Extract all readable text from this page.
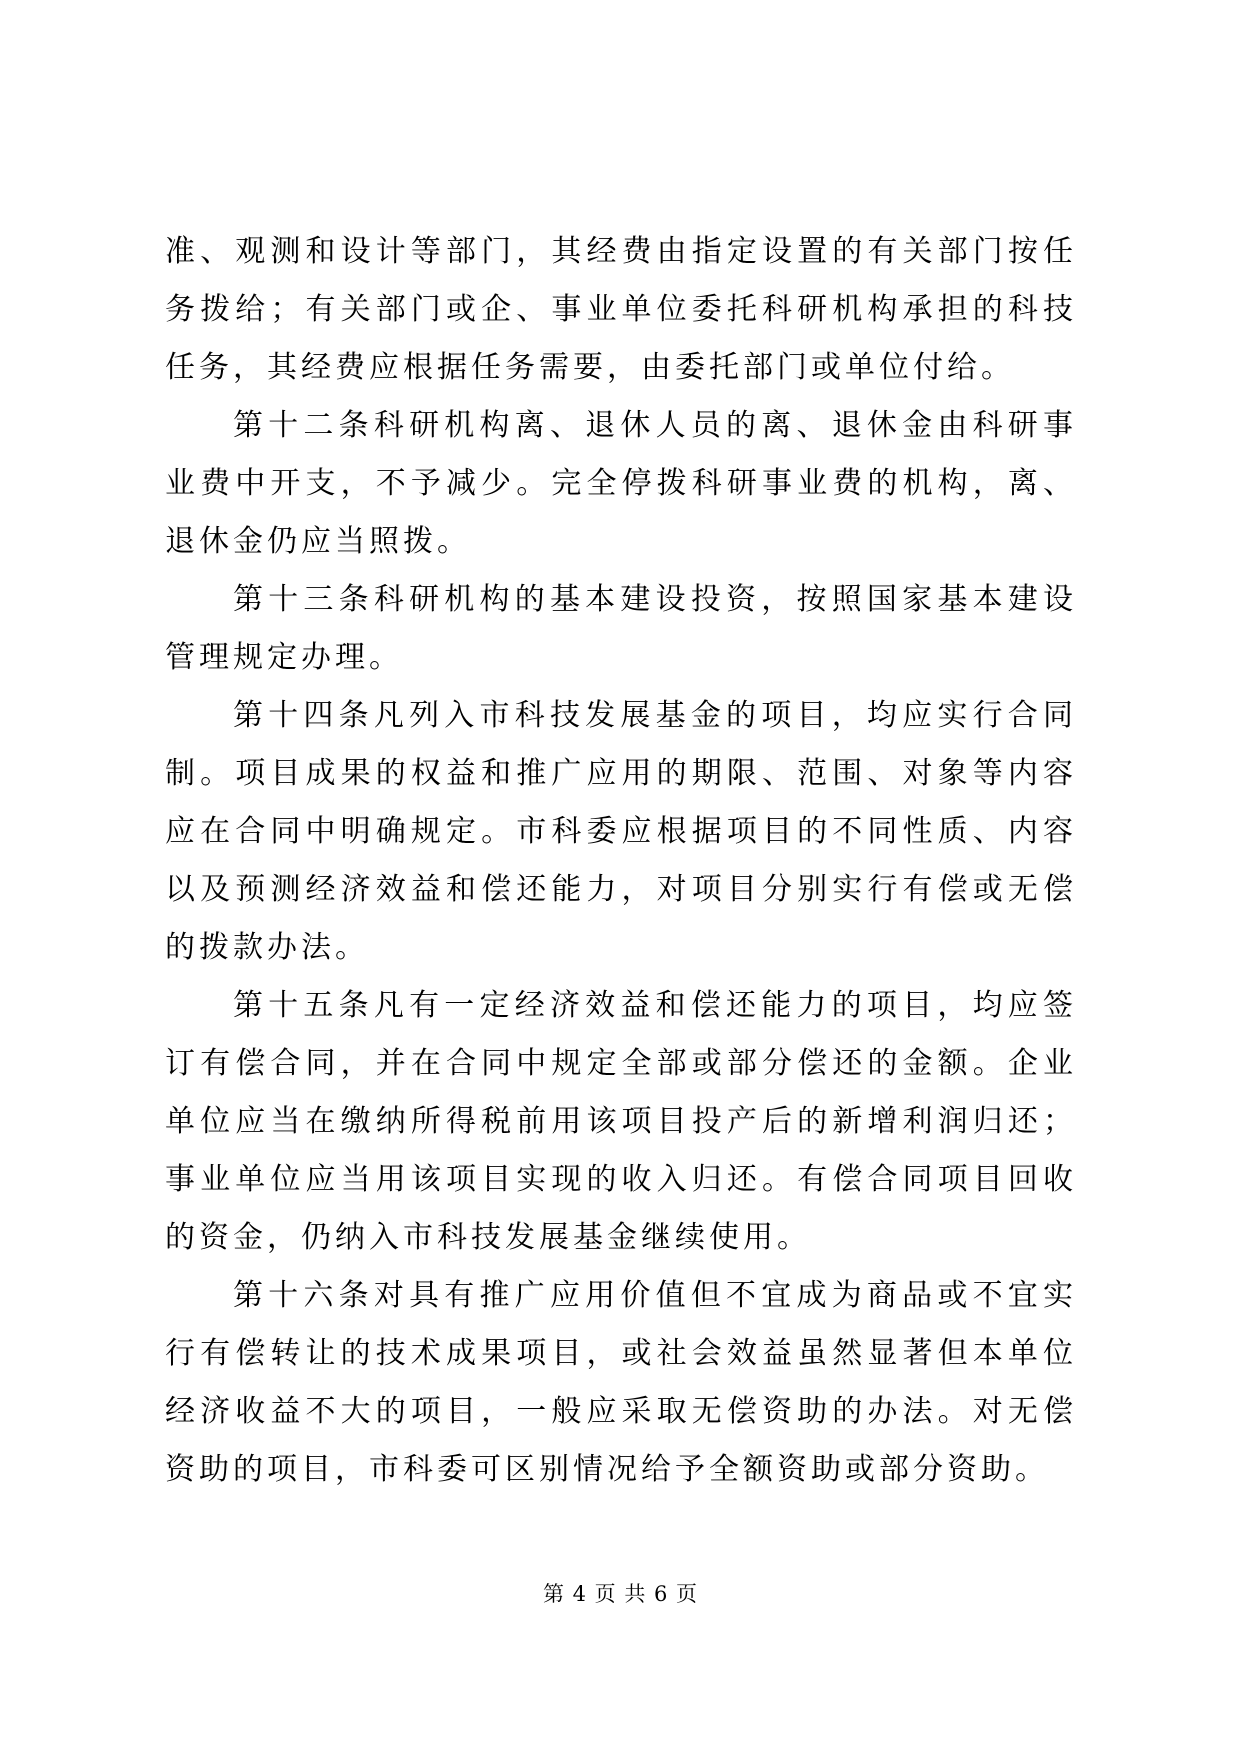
准、观测和设计等部门，其经费由指定设置的有关部门按任务拨给；有关部门或企、事业单位委托科研机构承担的科技任务，其经费应根据任务需要，由委托部门或单位付给。

第十二条科研机构离、退休人员的离、退休金由科研事业费中开支，不予减少。完全停拨科研事业费的机构，离、退休金仍应当照拨。

第十三条科研机构的基本建设投资，按照国家基本建设管理规定办理。

第十四条凡列入市科技发展基金的项目，均应实行合同制。项目成果的权益和推广应用的期限、范围、对象等内容应在合同中明确规定。市科委应根据项目的不同性质、内容以及预测经济效益和偿还能力，对项目分别实行有偿或无偿的拨款办法。

第十五条凡有一定经济效益和偿还能力的项目，均应签订有偿合同，并在合同中规定全部或部分偿还的金额。企业单位应当在缴纳所得税前用该项目投产后的新增利润归还；事业单位应当用该项目实现的收入归还。有偿合同项目回收的资金，仍纳入市科技发展基金继续使用。

第十六条对具有推广应用价值但不宜成为商品或不宜实行有偿转让的技术成果项目，或社会效益虽然显著但本单位经济收益不大的项目，一般应采取无偿资助的办法。对无偿资助的项目，市科委可区别情况给予全额资助或部分资助。

第 4 页 共 6 页
